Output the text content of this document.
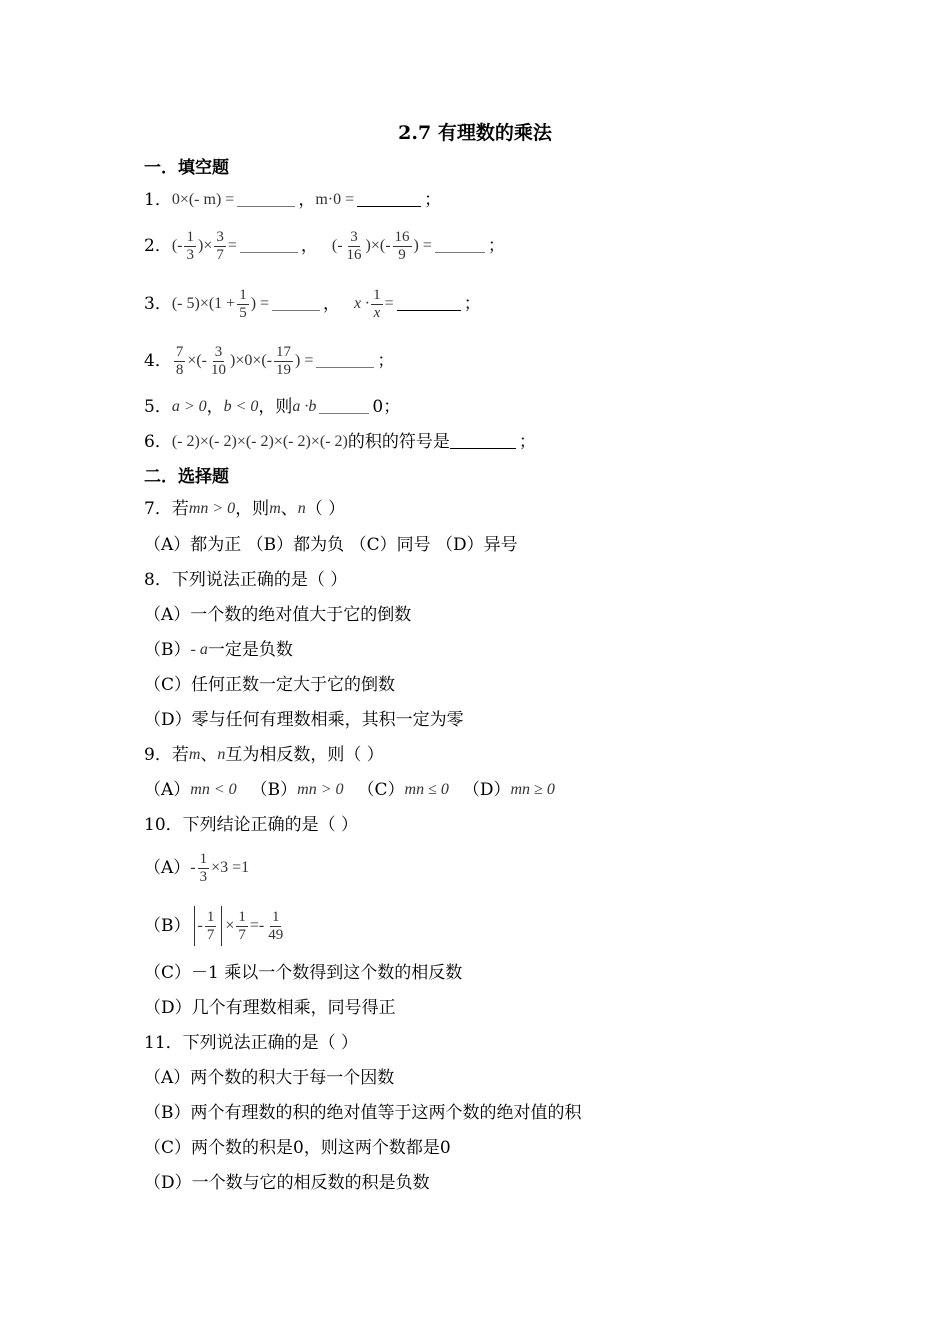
2.7 有理数的乘法
一．填空题
1． 0×(- m) =	， m·0 =	；
2． (- $\frac{1}{3}$ )× $\frac{3}{7}$ =	， (- $\frac{3}{16}$ )×(- $\frac{16}{9}$ ) =	；
3． (- $5)\times(1 + \frac{1}{5}$ ) =	， $x \cdot \frac{1}{x}$ =	；
4． $\frac{7}{8}$ ×(- $\frac{3}{10} )\times 0\times(- \frac{17}{19}$ ) =	；
5． a > 0 ， b < 0 ，则 a ·b	0；
6． (- 2)×(- 2)×(- 2)×(- 2)×(- 2) 的积的符号是	；
二．选择题
7．若 mn > 0 ，则 m 、 n （ ）
（A）都为正 （B）都为负 （C）同号 （D）异号
8．下列说法正确的是（ ）
（A）一个数的绝对值大于它的倒数
（B） - a 一定是负数
（C）任何正数一定大于它的倒数
（D）零与任何有理数相乘，其积一定为零
9．若 m 、 n 互为相反数，则（ ）
（A） mn < 0 （B） mn > 0 （C） mn ≤ 0 （D） mn ≥ 0
10．下列结论正确的是（ ）
$(A) - \frac{1}{3} \times 3 =1$
$(B) - \frac{1}{7} \times \frac{1}{7} =- \frac{1}{49}$
（C）－1 乘以一个数得到这个数的相反数
（D）几个有理数相乘，同号得正
11．下列说法正确的是（ ）
（A）两个数的积大于每一个因数
（B）两个有理数的积的绝对值等于这两个数的绝对值的积
（C）两个数的积是0，则这两个数都是0
（D）一个数与它的相反数的积是负数
